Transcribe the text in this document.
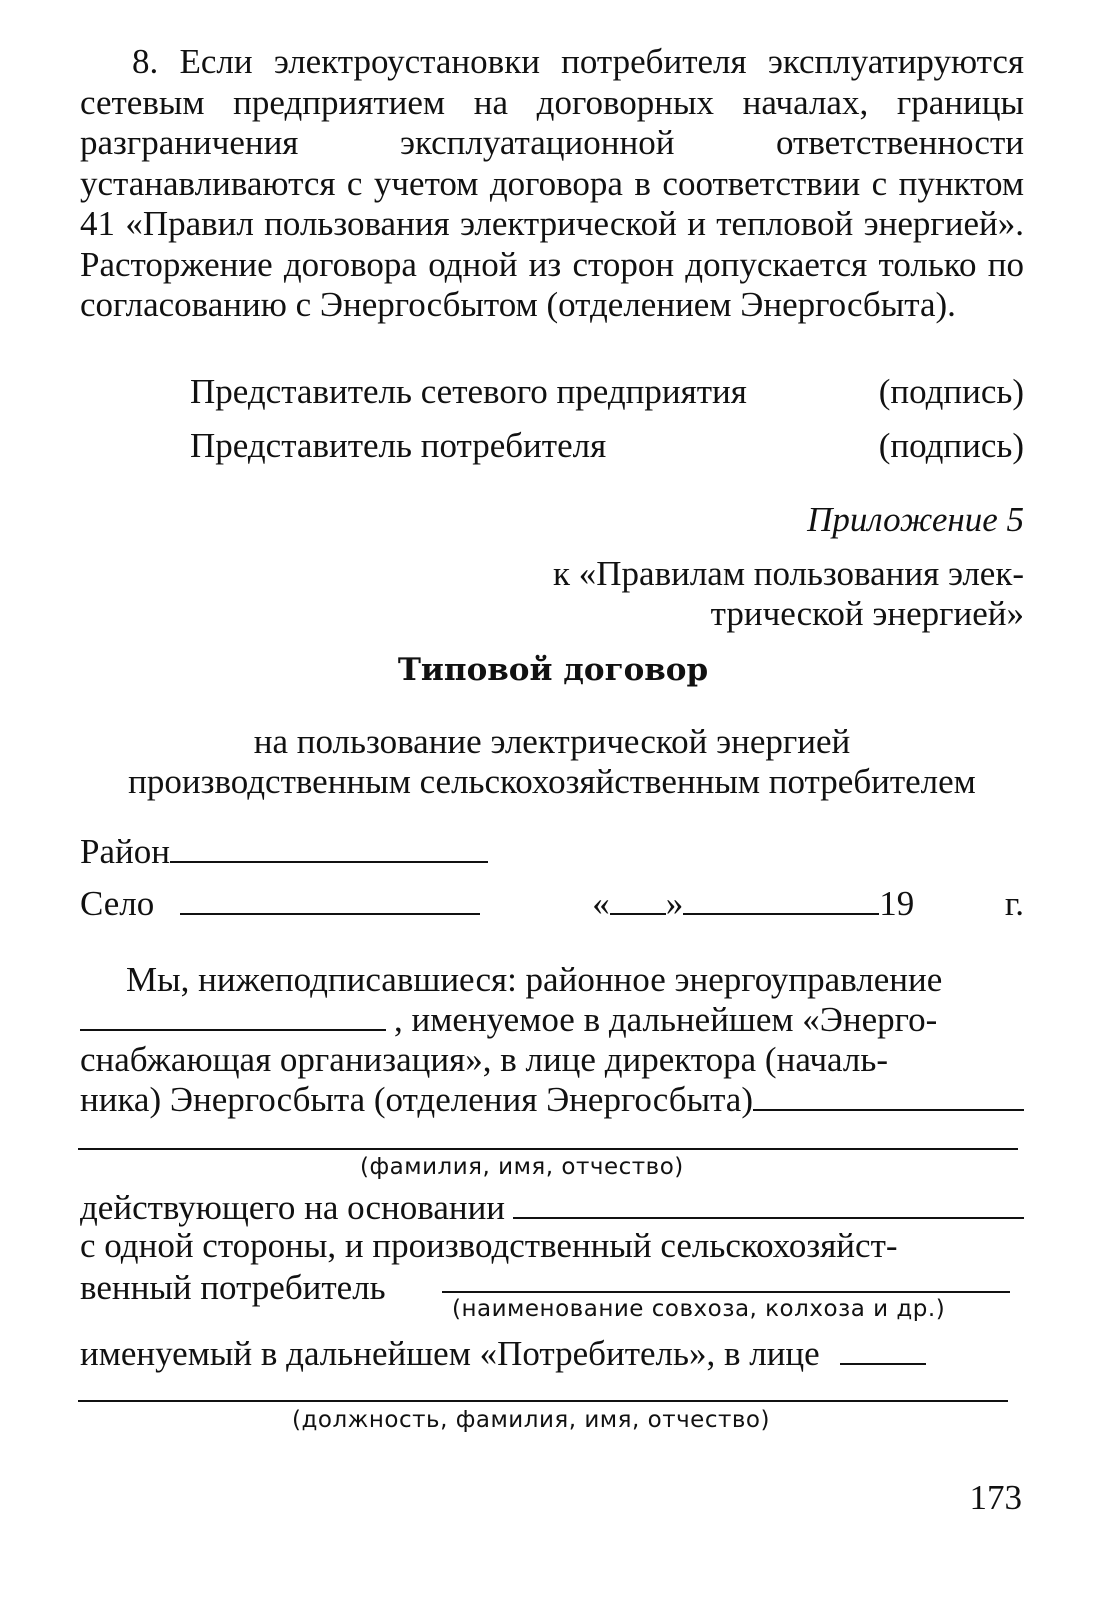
8. Если электроустановки потребителя эксплуатируются сетевым предприятием на договорных началах, границы разграничения эксплуатационной ответственности устанавливаются с учетом договора в соответствии с пунктом 41 «Правил пользования электрической и тепловой энергией». Расторжение договора одной из сторон допускается только по согласованию с Энергосбытом (отделением Энергосбыта).

Представитель сетевого предприятия	(подпись)
Представитель потребителя	(подпись)
Приложение 5
к «Правилам пользования элек-
трической энергией»
Типовой договор
на пользование электрической энергией
производственным сельскохозяйственным потребителем
Район
Село	« »	19	г.
Мы, нижеподписавшиеся: районное энергоуправление
, именуемое в дальнейшем «Энерго-
снабжающая организация», в лице директора (началь-
ника) Энергосбыта (отделения Энергосбыта)
(фамилия, имя, отчество)
действующего на основании
с одной стороны, и производственный сельскохозяйст-
венный потребитель
(наименование совхоза, колхоза и др.)
именуемый в дальнейшем «Потребитель», в лице
(должность, фамилия, имя, отчество)
173
